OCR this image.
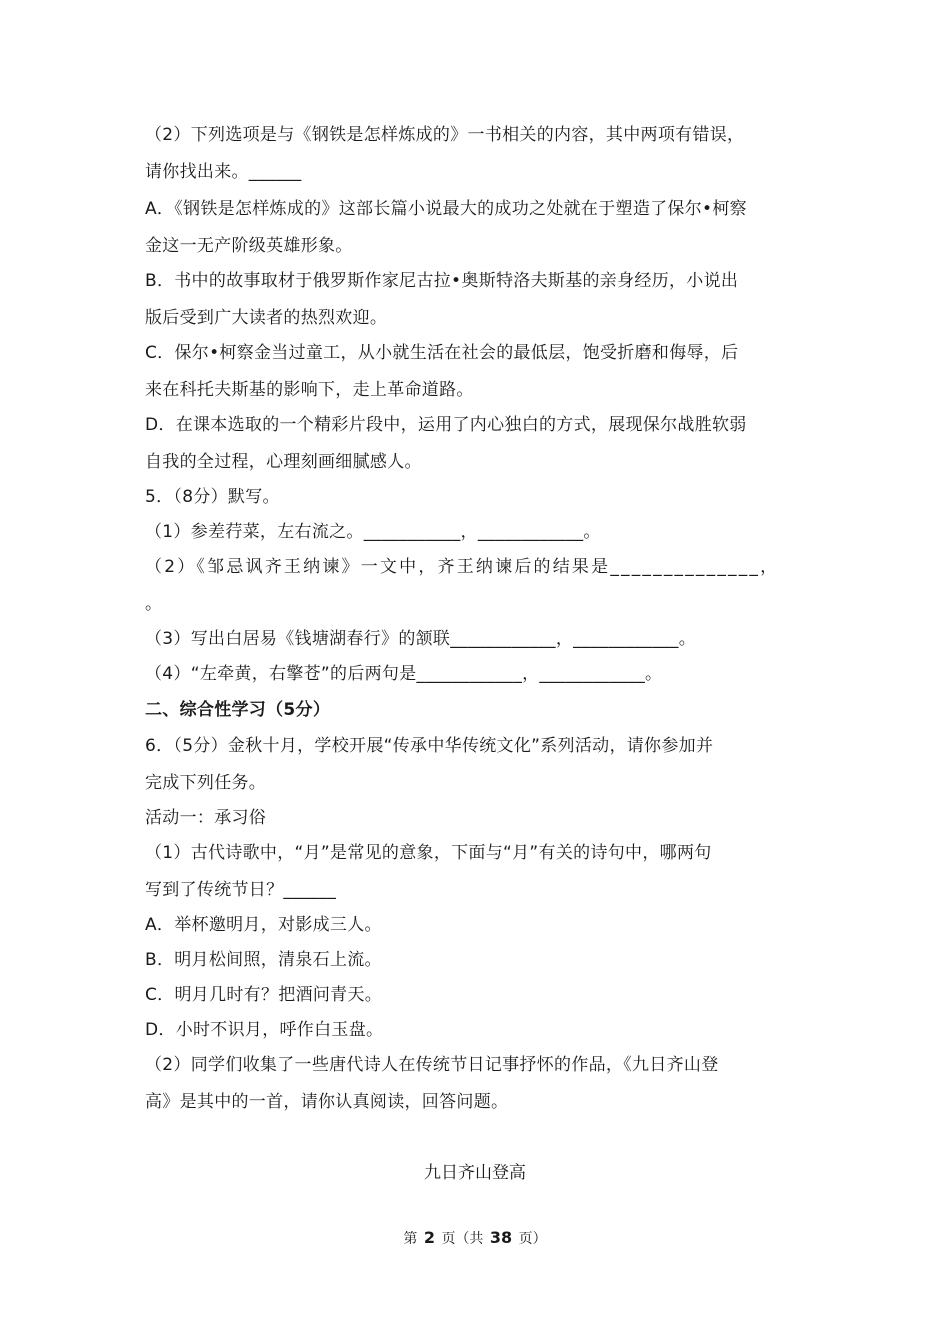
（2）下列选项是与《钢铁是怎样炼成的》一书相关的内容，其中两项有错误，
请你找出来。______
A．《钢铁是怎样炼成的》这部长篇小说最大的成功之处就在于塑造了保尔•柯察
金这一无产阶级英雄形象。
B．书中的故事取材于俄罗斯作家尼古拉•奥斯特洛夫斯基的亲身经历，小说出
版后受到广大读者的热烈欢迎。
C．保尔•柯察金当过童工，从小就生活在社会的最低层，饱受折磨和侮辱，后
来在科托夫斯基的影响下，走上革命道路。
D．在课本选取的一个精彩片段中，运用了内心独白的方式，展现保尔战胜软弱
自我的全过程，心理刻画细腻感人。
5．（8分）默写。
（1）参差荇菜，左右流之。___________，____________。
（2）《邹忌讽齐王纳谏》一文中，齐王纳谏后的结果是______________，
。
（3）写出白居易《钱塘湖春行》的颔联____________，____________。
（4）“左牵黄，右擎苍”的后两句是____________，____________。
二、综合性学习（5分）
6．（5分）金秋十月，学校开展“传承中华传统文化”系列活动，请你参加并
完成下列任务。
活动一：承习俗
（1）古代诗歌中，“月”是常见的意象，下面与“月”有关的诗句中，哪两句
写到了传统节日？______
A．举杯邀明月，对影成三人。
B．明月松间照，清泉石上流。
C．明月几时有？把酒问青天。
D．小时不识月，呼作白玉盘。
（2）同学们收集了一些唐代诗人在传统节日记事抒怀的作品，《九日齐山登
高》是其中的一首，请你认真阅读，回答问题。
九日齐山登高
第 2 页（共 38 页）
